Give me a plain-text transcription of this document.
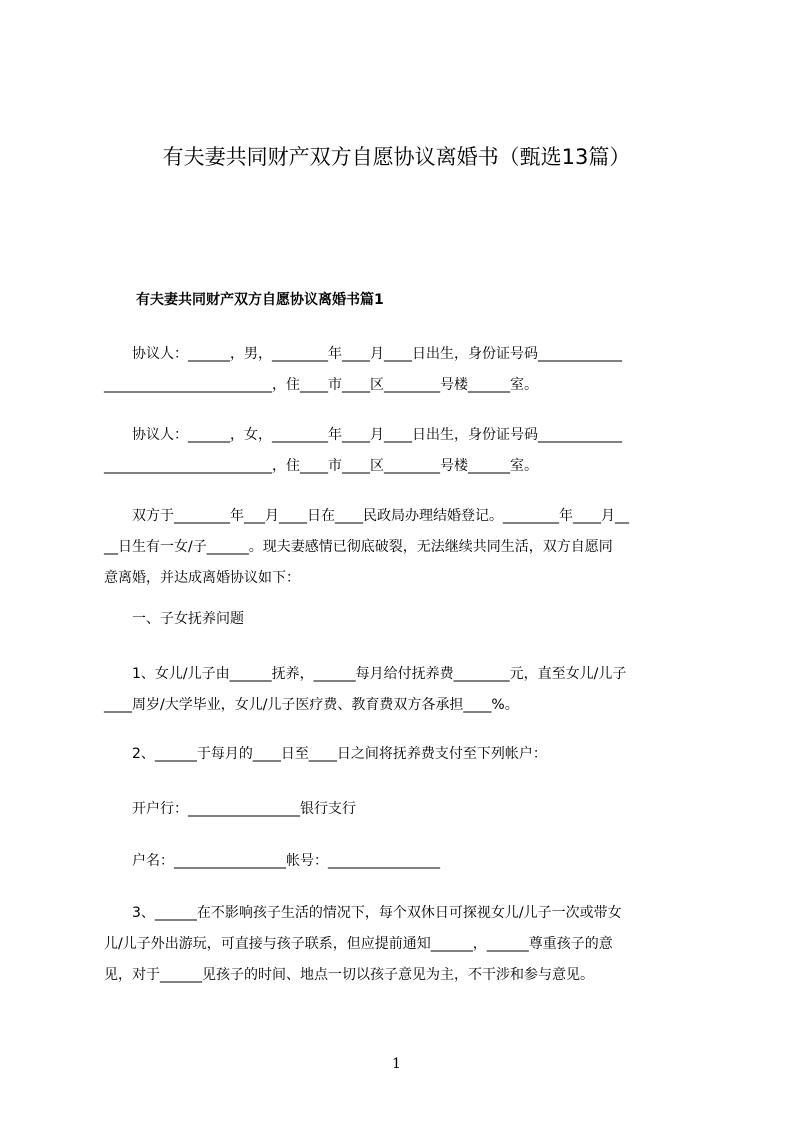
有夫妻共同财产双方自愿协议离婚书（甄选13篇）
有夫妻共同财产双方自愿协议离婚书篇1

　　协议人：______，男，________年____月____日出生，身份证号码____________
________________________，住____市____区________号楼______室。

　　协议人：______，女，________年____月____日出生，身份证号码____________
________________________，住____市____区________号楼______室。

　　双方于________年___月____日在____民政局办理结婚登记。________年____月__
__日生有一女/子______。现夫妻感情已彻底破裂，无法继续共同生活，双方自愿同
意离婚，并达成离婚协议如下：

　　一、子女抚养问题

　　1、女儿/儿子由______抚养，______每月给付抚养费________元，直至女儿/儿子
____周岁/大学毕业，女儿/儿子医疗费、教育费双方各承担____%。

　　2、______于每月的____日至____日之间将抚养费支付至下列帐户：

　　开户行：________________银行支行

　　户名：________________帐号：________________

　　3、______在不影响孩子生活的情况下，每个双休日可探视女儿/儿子一次或带女
儿/儿子外出游玩，可直接与孩子联系，但应提前通知______，______尊重孩子的意
见，对于______见孩子的时间、地点一切以孩子意见为主，不干涉和参与意见。

1
